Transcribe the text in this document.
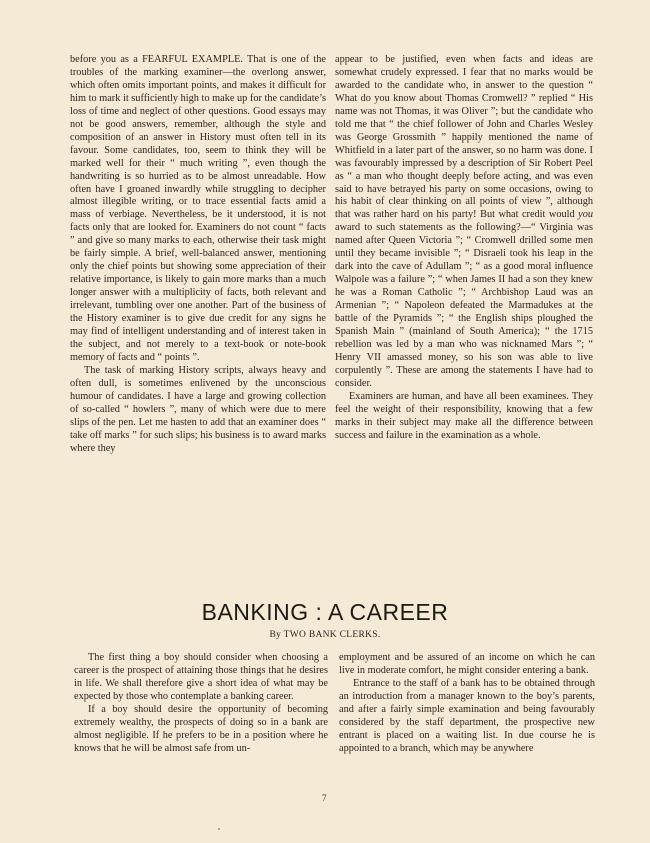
before you as a FEARFUL EXAMPLE. That is one of the troubles of the marking examiner—the overlong answer, which often omits important points, and makes it difficult for him to mark it sufficiently high to make up for the candidate’s loss of time and neglect of other questions. Good essays may not be good answers, remember, although the style and composition of an answer in History must often tell in its favour. Some candidates, too, seem to think they will be marked well for their “ much writing ”, even though the handwriting is so hurried as to be almost unreadable. How often have I groaned inwardly while struggling to decipher almost illegible writing, or to trace essential facts amid a mass of verbiage. Nevertheless, be it understood, it is not facts only that are looked for. Examiners do not count “ facts ” and give so many marks to each, otherwise their task might be fairly simple. A brief, well-balanced answer, mentioning only the chief points but showing some appreciation of their relative importance, is likely to gain more marks than a much longer answer with a multiplicity of facts, both relevant and irrelevant, tumbling over one another. Part of the business of the History examiner is to give due credit for any signs he may find of intelligent understanding and of interest taken in the subject, and not merely to a text-book or note-book memory of facts and “ points ”.

The task of marking History scripts, always heavy and often dull, is sometimes enlivened by the unconscious humour of candidates. I have a large and growing collection of so-called “ howlers ”, many of which were due to mere slips of the pen. Let me hasten to add that an examiner does “ take off marks ” for such slips; his business is to award marks where they

appear to be justified, even when facts and ideas are somewhat crudely expressed. I fear that no marks would be awarded to the candidate who, in answer to the question “ What do you know about Thomas Cromwell? ” replied “ His name was not Thomas, it was Oliver ”; but the candidate who told me that “ the chief follower of John and Charles Wesley was George Grossmith ” happily mentioned the name of Whitfield in a later part of the answer, so no harm was done. I was favourably impressed by a description of Sir Robert Peel as “ a man who thought deeply before acting, and was even said to have betrayed his party on some occasions, owing to his habit of clear thinking on all points of view ”, although that was rather hard on his party! But what credit would you award to such statements as the following?—“ Virginia was named after Queen Victoria ”; “ Cromwell drilled some men until they became invisible ”; “ Disraeli took his leap in the dark into the cave of Adullam ”; “ as a good moral influence Walpole was a failure ”; “ when James II had a son they knew he was a Roman Catholic ”; “ Archbishop Laud was an Armenian ”; “ Napoleon defeated the Marmadukes at the battle of the Pyramids ”; “ the English ships ploughed the Spanish Main ” (mainland of South America); “ the 1715 rebellion was led by a man who was nicknamed Mars ”; “ Henry VII amassed money, so his son was able to live corpulently ”. These are among the statements I have had to consider.

Examiners are human, and have all been examinees. They feel the weight of their responsibility, knowing that a few marks in their subject may make all the difference between success and failure in the examination as a whole.

BANKING : A CAREER
By TWO BANK CLERKS.

The first thing a boy should consider when choosing a career is the prospect of attaining those things that he desires in life. We shall therefore give a short idea of what may be expected by those who contemplate a banking career.

If a boy should desire the opportunity of becoming extremely wealthy, the prospects of doing so in a bank are almost negligible. If he prefers to be in a position where he knows that he will be almost safe from un-

employment and be assured of an income on which he can live in moderate comfort, he might consider entering a bank.

Entrance to the staff of a bank has to be obtained through an introduction from a manager known to the boy’s parents, and after a fairly simple examination and being favourably considered by the staff department, the prospective new entrant is placed on a waiting list. In due course he is appointed to a branch, which may be anywhere

7
